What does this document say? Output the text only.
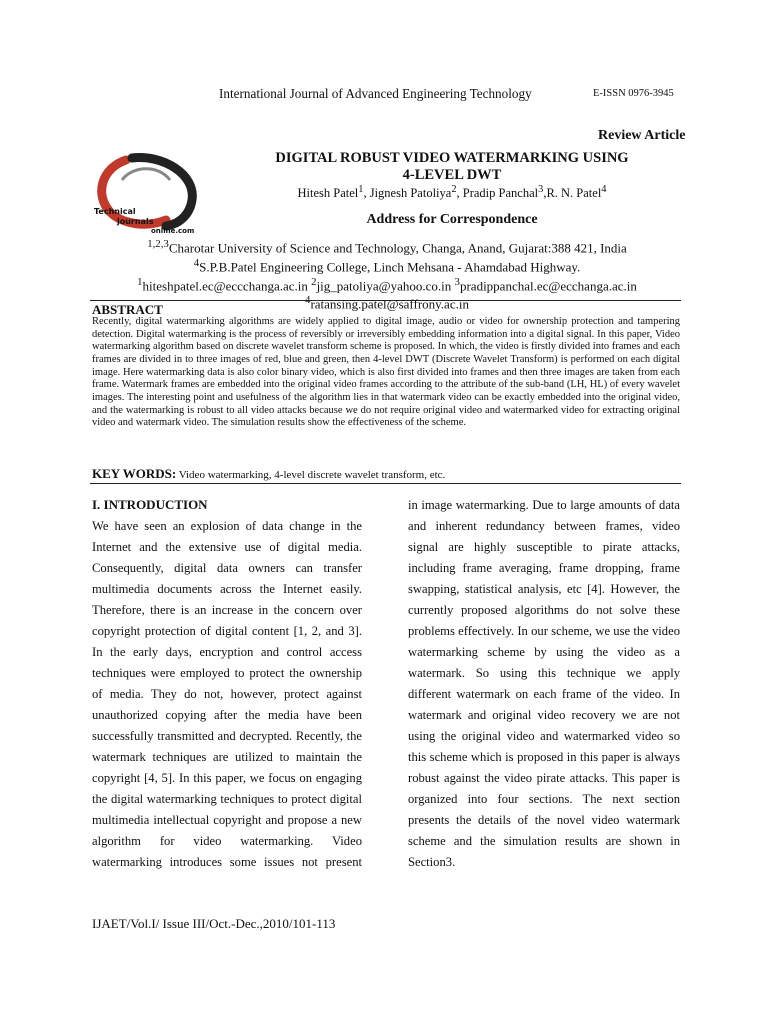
International Journal of Advanced Engineering Technology	E-ISSN 0976-3945
Review Article
Technical
journals
online.com
DIGITAL ROBUST VIDEO WATERMARKING USING
4-LEVEL DWT
Hitesh Patel$^1$, Jignesh Patoliya$^2$, Pradip Panchal$^3$,R. N. Patel$^4$
Address for Correspondence

$^{1,2,3}$Charotar University of Science and Technology, Changa, Anand, Gujarat:388 421, India

$^4$S.P.B.Patel Engineering College, Linch Mehsana - Ahamdabad Highway.

$^1$hiteshpatel.ec@eccchanga.ac.in $^2$jig_patoliya@yahoo.co.in $^3$pradippanchal.ec@ecchanga.ac.in

$^4$ratansing.patel@saffrony.ac.in

ABSTRACT

Recently, digital watermarking algorithms are widely applied to digital image, audio or video for ownership protection and tampering detection. Digital watermarking is the process of reversibly or irreversibly embedding information into a digital signal. In this paper, Video watermarking algorithm based on discrete wavelet transform scheme is proposed. In which, the video is firstly divided into frames and each frames are divided in to three images of red, blue and green, then 4-level DWT (Discrete Wavelet Transform) is performed on each digital image. Here watermarking data is also color binary video, which is also first divided into frames and then three images are taken from each frame. Watermark frames are embedded into the original video frames according to the attribute of the sub-band (LH, HL) of every wavelet images. The interesting point and usefulness of the algorithm lies in that watermark video can be exactly embedded into the original video, and the watermarking is robust to all video attacks because we do not require original video and watermarked video for extracting original video and watermark video. The simulation results show the effectiveness of the scheme.

KEY WORDS: Video watermarking, 4-level discrete wavelet transform, etc.
I. INTRODUCTION

We have seen an explosion of data change in the Internet and the extensive use of digital media. Consequently, digital data owners can transfer multimedia documents across the Internet easily. Therefore, there is an increase in the concern over copyright protection of digital content [1, 2, and 3]. In the early days, encryption and control access techniques were employed to protect the ownership of media. They do not, however, protect against unauthorized copying after the media have been successfully transmitted and decrypted. Recently, the watermark techniques are utilized to maintain the copyright [4, 5]. In this paper, we focus on engaging the digital watermarking techniques to protect digital multimedia intellectual copyright and propose a new algorithm for video watermarking. Video watermarking introduces some issues not present

in image watermarking. Due to large amounts of data and inherent redundancy between frames, video signal are highly susceptible to pirate attacks, including frame averaging, frame dropping, frame swapping, statistical analysis, etc [4]. However, the currently proposed algorithms do not solve these problems effectively. In our scheme, we use the video watermarking scheme by using the video as a watermark. So using this technique we apply different watermark on each frame of the video. In watermark and original video recovery we are not using the original video and watermarked video so this scheme which is proposed in this paper is always robust against the video pirate attacks. This paper is organized into four sections. The next section presents the details of the novel video watermark scheme and the simulation results are shown in Section3.

IJAET/Vol.I/ Issue III/Oct.-Dec.,2010/101-113
